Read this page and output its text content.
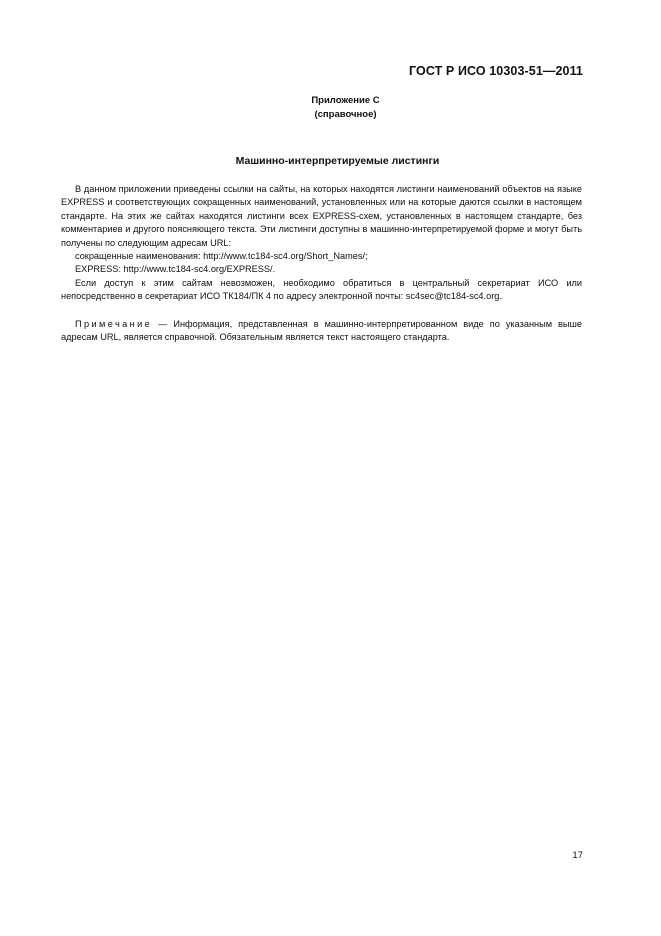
ГОСТ Р ИСО 10303-51—2011
Приложение С
(справочное)
Машинно-интерпретируемые листинги

В данном приложении приведены ссылки на сайты, на которых находятся листинги наименований объектов на языке EXPRESS и соответствующих сокращенных наименований, установленных или на которые даются ссылки в настоящем стандарте. На этих же сайтах находятся листинги всех EXPRESS-схем, установленных в настоящем стандарте, без комментариев и другого поясняющего текста. Эти листинги доступны в машинно-интерпретируемой форме и могут быть получены по следующим адресам URL:

сокращенные наименования: http://www.tc184-sc4.org/Short_Names/;

EXPRESS: http://www.tc184-sc4.org/EXPRESS/.

Если доступ к этим сайтам невозможен, необходимо обратиться в центральный секретариат ИСО или непосредственно в секретариат ИСО ТК184/ПК 4 по адресу электронной почты: sc4sec@tc184-sc4.org.

Примечание — Информация, представленная в машинно-интерпретированном виде по указанным выше адресам URL, является справочной. Обязательным является текст настоящего стандарта.

17
